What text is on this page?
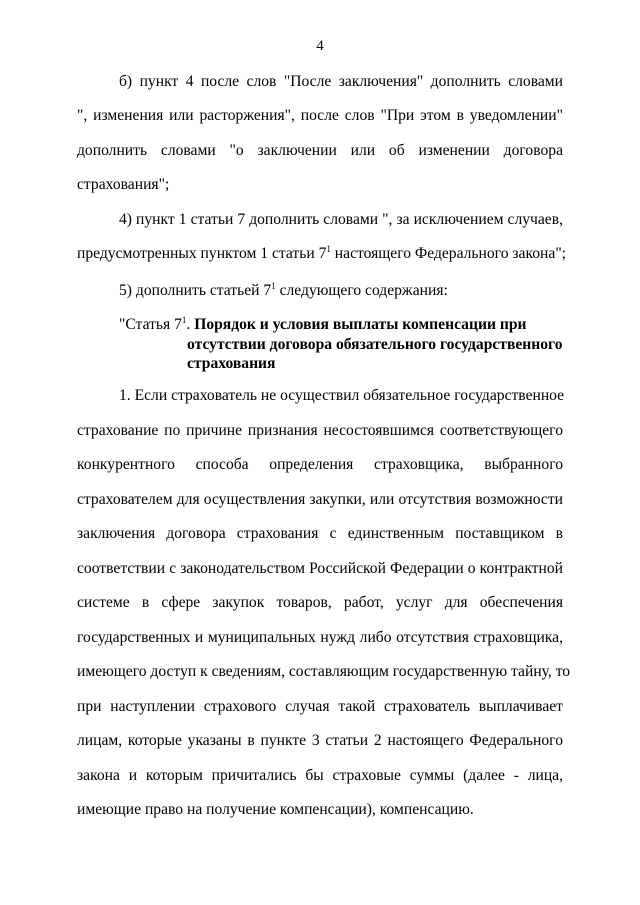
4
б) пункт 4 после слов "После заключения" дополнить словами
", изменения или расторжения", после слов "При этом в уведомлении"
дополнить словами "о заключении или об изменении договора
страхования";
4) пункт 1 статьи 7 дополнить словами ", за исключением случаев,
предусмотренных пунктом 1 статьи $7^1$ настоящего Федерального закона";
5) дополнить статьей $7^1$ следующего содержания:
"Статья $7^1$. Порядок и условия выплаты компенсации при
отсутствии договора обязательного государственного
страхования
1. Если страхователь не осуществил обязательное государственное
страхование по причине признания несостоявшимся соответствующего
конкурентного способа определения страховщика, выбранного
страхователем для осуществления закупки, или отсутствия возможности
заключения договора страхования с единственным поставщиком в
соответствии с законодательством Российской Федерации о контрактной
системе в сфере закупок товаров, работ, услуг для обеспечения
государственных и муниципальных нужд либо отсутствия страховщика,
имеющего доступ к сведениям, составляющим государственную тайну, то
при наступлении страхового случая такой страхователь выплачивает
лицам, которые указаны в пункте 3 статьи 2 настоящего Федерального
закона и которым причитались бы страховые суммы (далее - лица,
имеющие право на получение компенсации), компенсацию.
